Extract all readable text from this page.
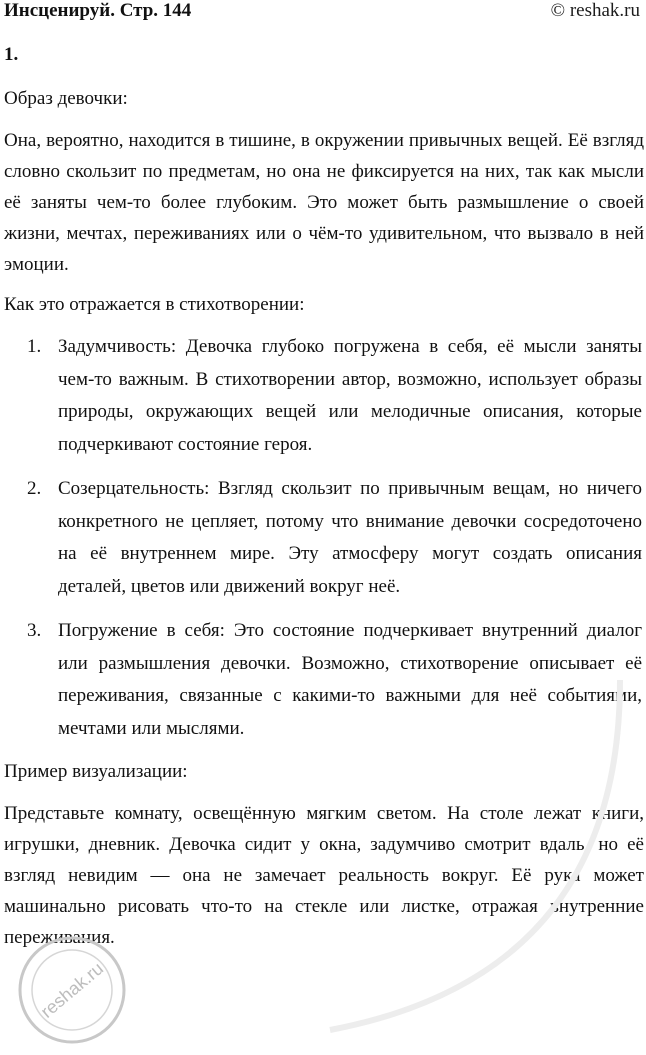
Инсценируй. Стр. 144	© reshak.ru
1.

Образ девочки:

Она, вероятно, находится в тишине, в окружении привычных вещей. Её взгляд словно скользит по предметам, но она не фиксируется на них, так как мысли её заняты чем-то более глубоким. Это может быть размышление о своей жизни, мечтах, переживаниях или о чём-то удивительном, что вызвало в ней эмоции.

Как это отражается в стихотворении:

1. Задумчивость: Девочка глубоко погружена в себя, её мысли заняты чем-то важным. В стихотворении автор, возможно, использует образы природы, окружающих вещей или мелодичные описания, которые подчеркивают состояние героя.
2. Созерцательность: Взгляд скользит по привычным вещам, но ничего конкретного не цепляет, потому что внимание девочки сосредоточено на её внутреннем мире. Эту атмосферу могут создать описания деталей, цветов или движений вокруг неё.
3. Погружение в себя: Это состояние подчеркивает внутренний диалог или размышления девочки. Возможно, стихотворение описывает её переживания, связанные с какими-то важными для неё событиями, мечтами или мыслями.

Пример визуализации:

Представьте комнату, освещённую мягким светом. На столе лежат книги, игрушки, дневник. Девочка сидит у окна, задумчиво смотрит вдаль, но её взгляд невидим — она не замечает реальность вокруг. Её рука может машинально рисовать что-то на стекле или листке, отражая внутренние переживания.

reshak.ru
